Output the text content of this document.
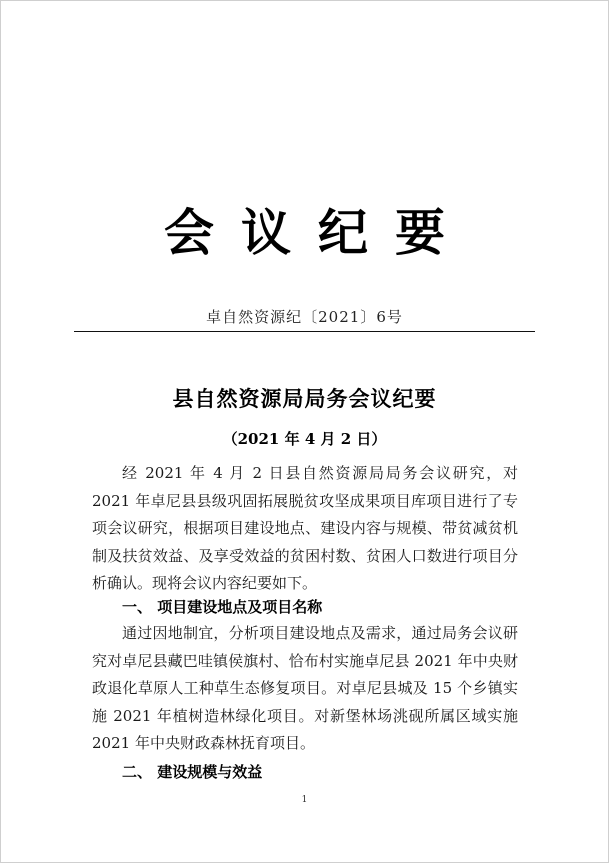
会议纪要
卓自然资源纪〔2021〕6号
县自然资源局局务会议纪要
（2021 年 4 月 2 日）

经 2021 年 4 月 2 日县自然资源局局务会议研究，对 2021 年卓尼县县级巩固拓展脱贫攻坚成果项目库项目进行了专项会议研究，根据项目建设地点、建设内容与规模、带贫减贫机制及扶贫效益、及享受效益的贫困村数、贫困人口数进行项目分析确认。现将会议内容纪要如下。

一、 项目建设地点及项目名称

通过因地制宜，分析项目建设地点及需求，通过局务会议研究对卓尼县藏巴哇镇侯旗村、恰布村实施卓尼县 2021 年中央财政退化草原人工种草生态修复项目。对卓尼县城及 15 个乡镇实施 2021 年植树造林绿化项目。对新堡林场洮砚所属区域实施 2021 年中央财政森林抚育项目。

二、 建设规模与效益
1
